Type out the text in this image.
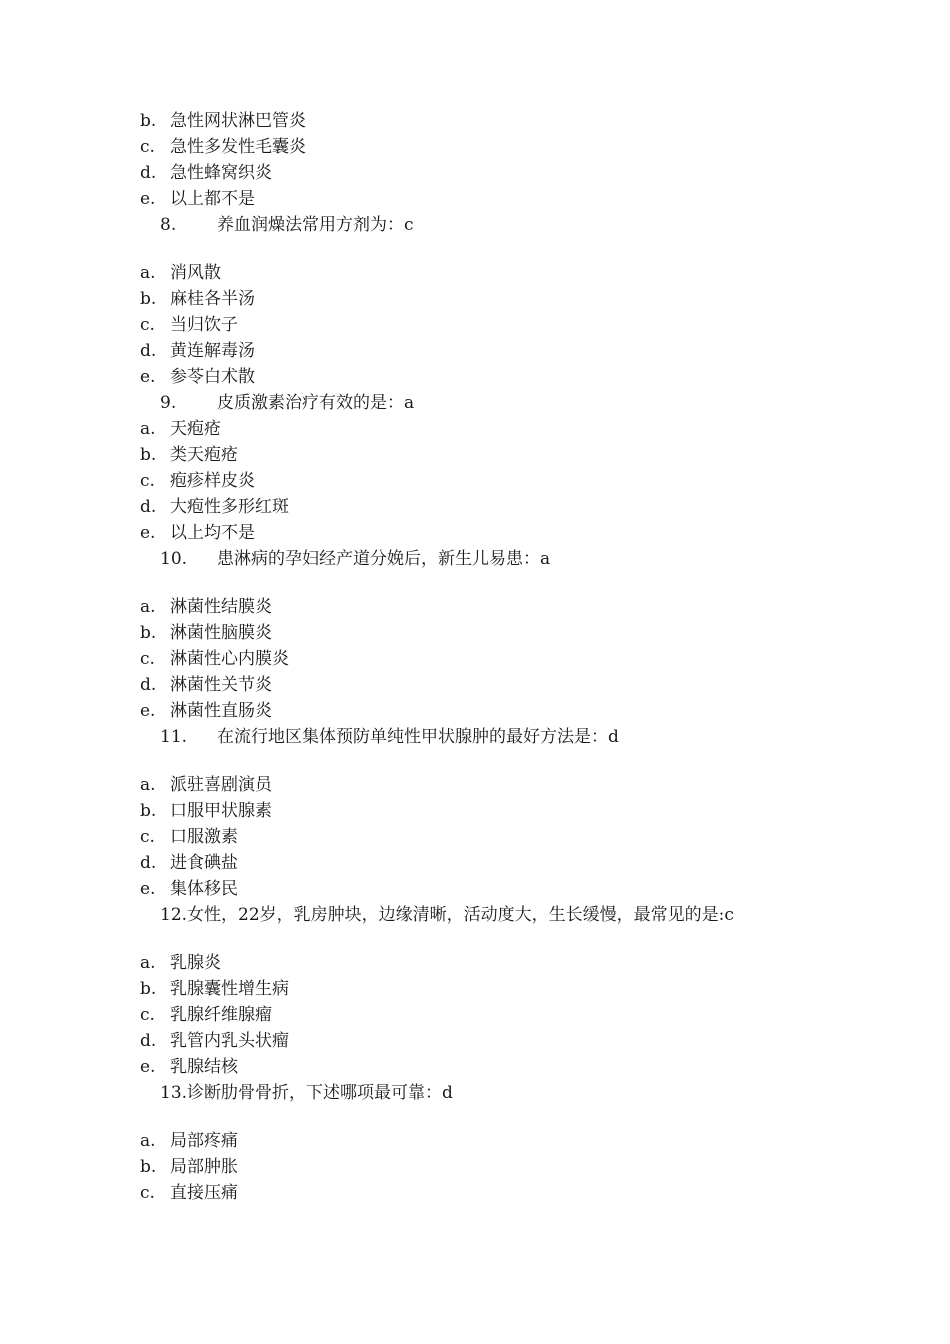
b. 急性网状淋巴管炎
c. 急性多发性毛囊炎
d. 急性蜂窝织炎
e. 以上都不是
8. 养血润燥法常用方剂为：c
a. 消风散
b. 麻桂各半汤
c. 当归饮子
d. 黄连解毒汤
e. 参苓白术散
9. 皮质激素治疗有效的是：a
a. 天疱疮
b. 类天疱疮
c. 疱疹样皮炎
d. 大疱性多形红斑
e. 以上均不是
10. 患淋病的孕妇经产道分娩后，新生儿易患：a
a. 淋菌性结膜炎
b. 淋菌性脑膜炎
c. 淋菌性心内膜炎
d. 淋菌性关节炎
e. 淋菌性直肠炎
11. 在流行地区集体预防单纯性甲状腺肿的最好方法是：d
a. 派驻喜剧演员
b. 口服甲状腺素
c. 口服激素
d. 进食碘盐
e. 集体移民
12.女性，22岁，乳房肿块，边缘清晰，活动度大，生长缓慢，最常见的是:c
a. 乳腺炎
b. 乳腺囊性增生病
c. 乳腺纤维腺瘤
d. 乳管内乳头状瘤
e. 乳腺结核
13.诊断肋骨骨折，下述哪项最可靠：d
a. 局部疼痛
b. 局部肿胀
c. 直接压痛
